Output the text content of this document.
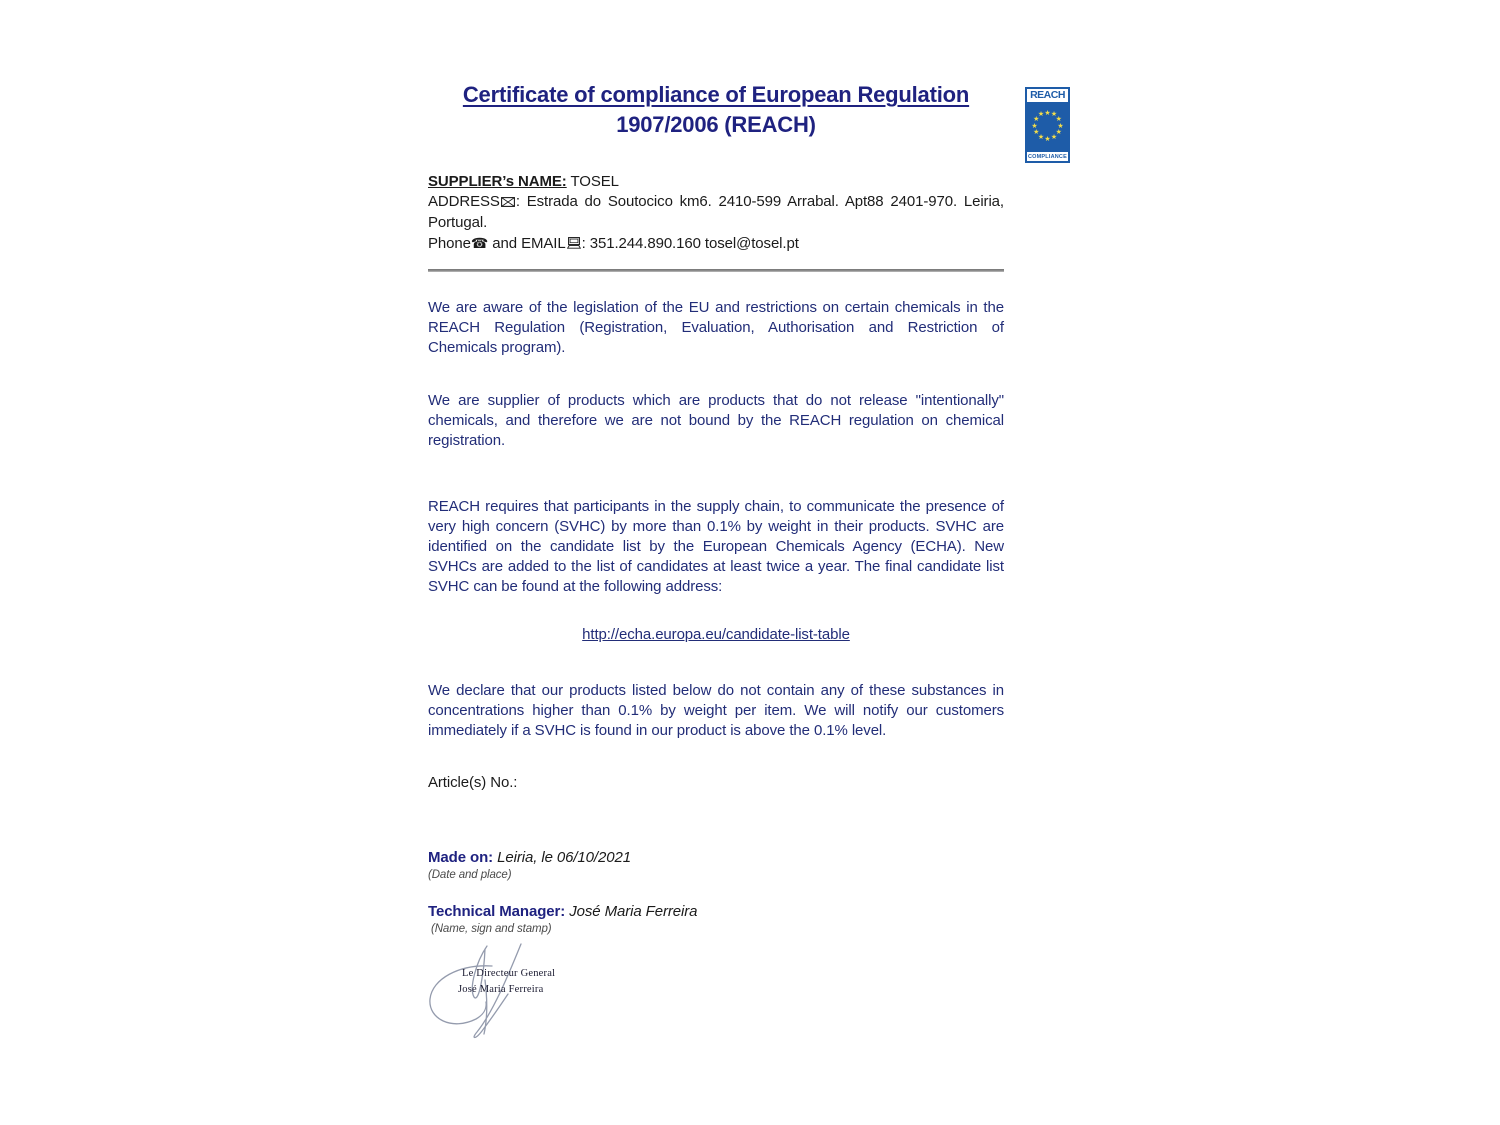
Certificate of compliance of European Regulation
1907/2006 (REACH)
SUPPLIER’s NAME: TOSEL
ADDRESS : Estrada do Soutocico km6. 2410-599 Arrabal. Apt88 2401-970. Leiria, Portugal.
Phone☎ and EMAIL : 351.244.890.160 tosel@tosel.pt

We are aware of the legislation of the EU and restrictions on certain chemicals in the REACH Regulation (Registration, Evaluation, Authorisation and Restriction of Chemicals program).

We are supplier of products which are products that do not release "intentionally" chemicals, and therefore we are not bound by the REACH regulation on chemical registration.

REACH requires that participants in the supply chain, to communicate the presence of very high concern (SVHC) by more than 0.1% by weight in their products. SVHC are identified on the candidate list by the European Chemicals Agency (ECHA). New SVHCs are added to the list of candidates at least twice a year. The final candidate list SVHC can be found at the following address:

http://echa.europa.eu/candidate-list-table

We declare that our products listed below do not contain any of these substances in concentrations higher than 0.1% by weight per item. We will notify our customers immediately if a SVHC is found in our product is above the 0.1% level.

Article(s) No.:
Made on: Leiria, le 06/10/2021
(Date and place)
Technical Manager: José Maria Ferreira
(Name, sign and stamp)
Le Directeur General
José Maria Ferreira
REACH
★ ★
★
★
★
★
★
★
★
★
★
★
COMPLIANCE
